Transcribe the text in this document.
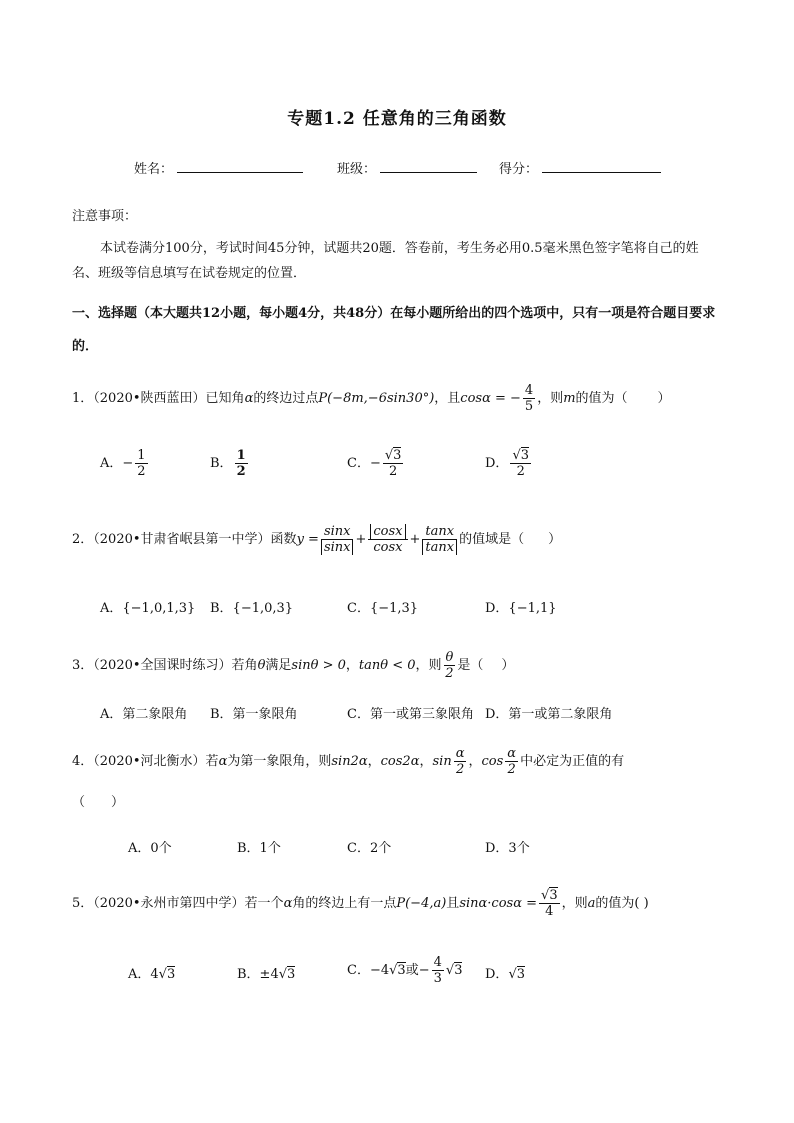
专题1.2 任意角的三角函数
姓名：	班级：	得分：
注意事项：
本试卷满分100分，考试时间45分钟，试题共20题．答卷前，考生务必用0.5毫米黑色签字笔将自己的姓名、班级等信息填写在试卷规定的位置．
一、选择题（本大题共12小题，每小题4分，共48分）在每小题所给出的四个选项中，只有一项是符合题目要求的．
1．（2020•陕西蓝田）已知角α的终边过点P(−8m,−6sin30°)，且cosα = − $\frac{4}{5}$ ，则m的值为（ ）
A．− $\frac{1}{2}$	B． $\frac{1}{2}$	C．− $\frac{√3}{2}$	D． $\frac{√3}{2}$
2．（2020•甘肃省岷县第一中学）函数$y = \frac{\sin x}{\sin x} + \frac{\cos x}{\cos x} + \frac{\tan x}{\tan x}$ 的值域是（ ）
A．{−1,0,1,3} B．{−1,0,3}	C．{−1,3}	D．{−1,1}
3．（2020•全国课时练习）若角θ满足sinθ > 0，tanθ < 0，则 $\frac{\theta}{2}$ 是（ ）
A．第二象限角 B．第一象限角	C．第一或第三象限角 D．第一或第二象限角
4．（2020•河北衡水）若α为第一象限角，则sin2α，cos2α，$\sin \frac{\alpha}{2}$ ，$\cos \frac{\alpha}{2}$ 中必定为正值的有
（　　）
A．0个	B．1个	C．2个	D．3个
5．（2020•永州市第四中学）若一个α角的终边上有一点P(−4,a)且$\sin\alpha\cdot\cos\alpha = \frac{√3}{4}$ ，则a的值为( )
A．4√3	B．±4√3	C．−4√3或− $\frac{4}{3} √3$ D．√3
